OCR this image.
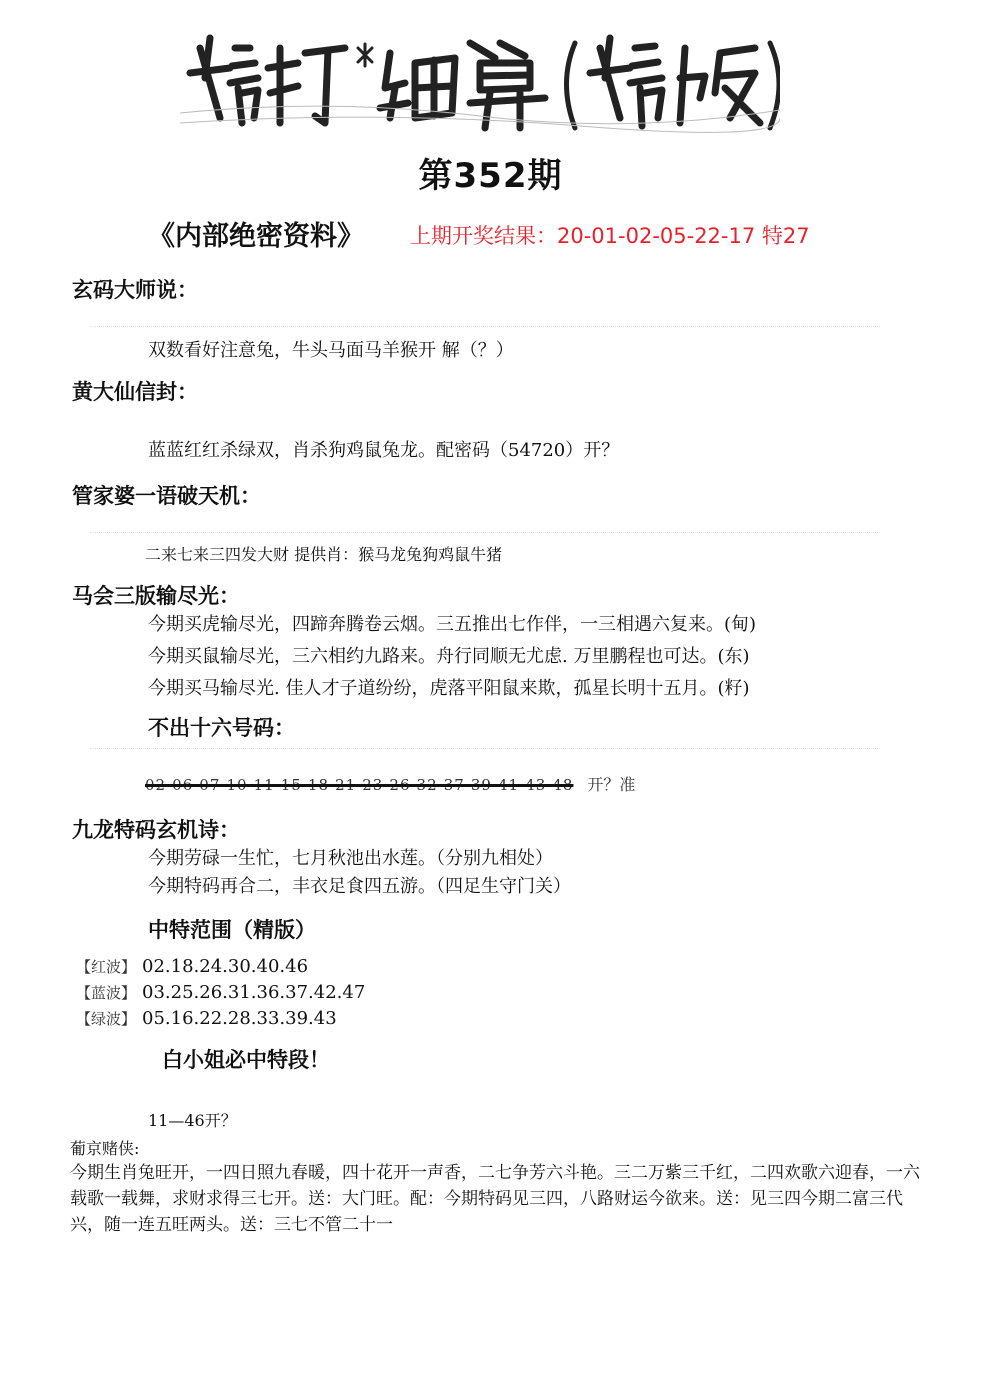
第352期
《内部绝密资料》 上期开奖结果：20-01-02-05-22-17 特27
玄码大师说：
双数看好注意兔，牛头马面马羊猴开 解（？）
黄大仙信封：
蓝蓝红红杀绿双，肖杀狗鸡鼠兔龙。配密码（54720）开？
管家婆一语破天机：
二来七来三四发大财 提供肖：猴马龙兔狗鸡鼠牛猪
马会三版输尽光：
今期买虎输尽光，四蹄奔腾卷云烟。三五推出七作伴，一三相遇六复来。(甸)
今期买鼠输尽光，三六相约九路来。舟行同顺无尤虑. 万里鹏程也可达。(东)
今期买马输尽光. 佳人才子道纷纷，虎落平阳鼠来欺，孤星长明十五月。(籽)
不出十六号码：
02-06-07-10-11-15-18-21-23-26-32-37-39-41-43-48 开？准
九龙特码玄机诗：
今期劳碌一生忙，七月秋池出水莲。（分别九相处）
今期特码再合二，丰衣足食四五游。（四足生守门关）
中特范围（精版）
【红波】 02.18.24.30.40.46
【蓝波】 03.25.26.31.36.37.42.47
【绿波】 05.16.22.28.33.39.43
白小姐必中特段！
11—46开？
葡京赌侠:
今期生肖兔旺开，一四日照九春暖，四十花开一声香，二七争芳六斗艳。三二万紫三千红，二四欢歌六迎春，一六载歌一载舞，求财求得三七开。送：大门旺。配：今期特码见三四，八路财运今欲来。送：见三四今期二富三代兴，随一连五旺两头。送：三七不管二十一
